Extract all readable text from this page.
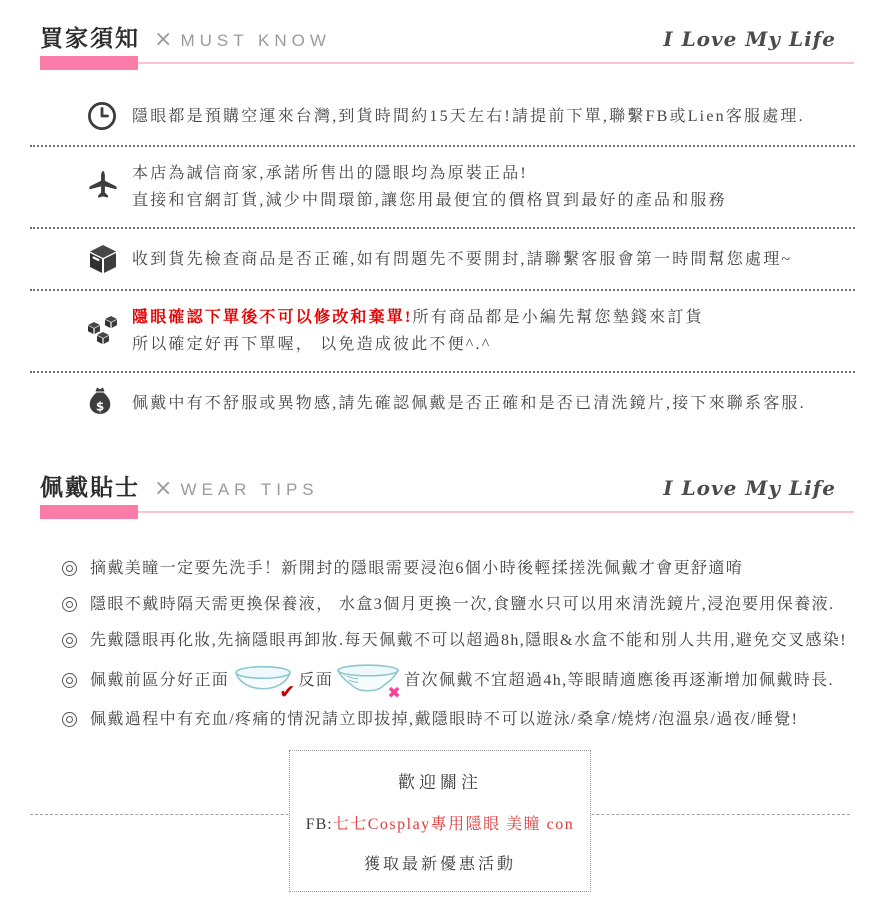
買家須知 × MUST KNOW	I Love My Life
隱眼都是預購空運來台灣,到貨時間約15天左右!請提前下單,聯繫FB或Lien客服處理.
本店為誠信商家,承諾所售出的隱眼均為原裝正品!
直接和官網訂貨,減少中間環節,讓您用最便宜的價格買到最好的產品和服務
收到貨先檢查商品是否正確,如有問題先不要開封,請聯繫客服會第一時間幫您處理~
隱眼確認下單後不可以修改和棄單!所有商品都是小編先幫您墊錢來訂貨
所以確定好再下單喔， 以免造成彼此不便^.^
$ 佩戴中有不舒服或異物感,請先確認佩戴是否正確和是否已清洗鏡片,接下來聯系客服.
佩戴貼士 × WEAR TIPS	I Love My Life
摘戴美瞳一定要先洗手！新開封的隱眼需要浸泡6個小時後輕揉搓洗佩戴才會更舒適唷
隱眼不戴時隔天需更換保養液， 水盒3個月更換一次,食鹽水只可以用來清洗鏡片,浸泡要用保養液.
先戴隱眼再化妝,先摘隱眼再卸妝.每天佩戴不可以超過8h,隱眼&水盒不能和別人共用,避免交叉感染!
佩戴前區分好正面
✔
反面
✖
首次佩戴不宜超過4h,等眼睛適應後再逐漸增加佩戴時長.
佩戴過程中有充血/疼痛的情況請立即拔掉,戴隱眼時不可以遊泳/桑拿/燒烤/泡溫泉/過夜/睡覺!
歡迎關注
FB:七七Cosplay專用隱眼 美瞳 con
獲取最新優惠活動
